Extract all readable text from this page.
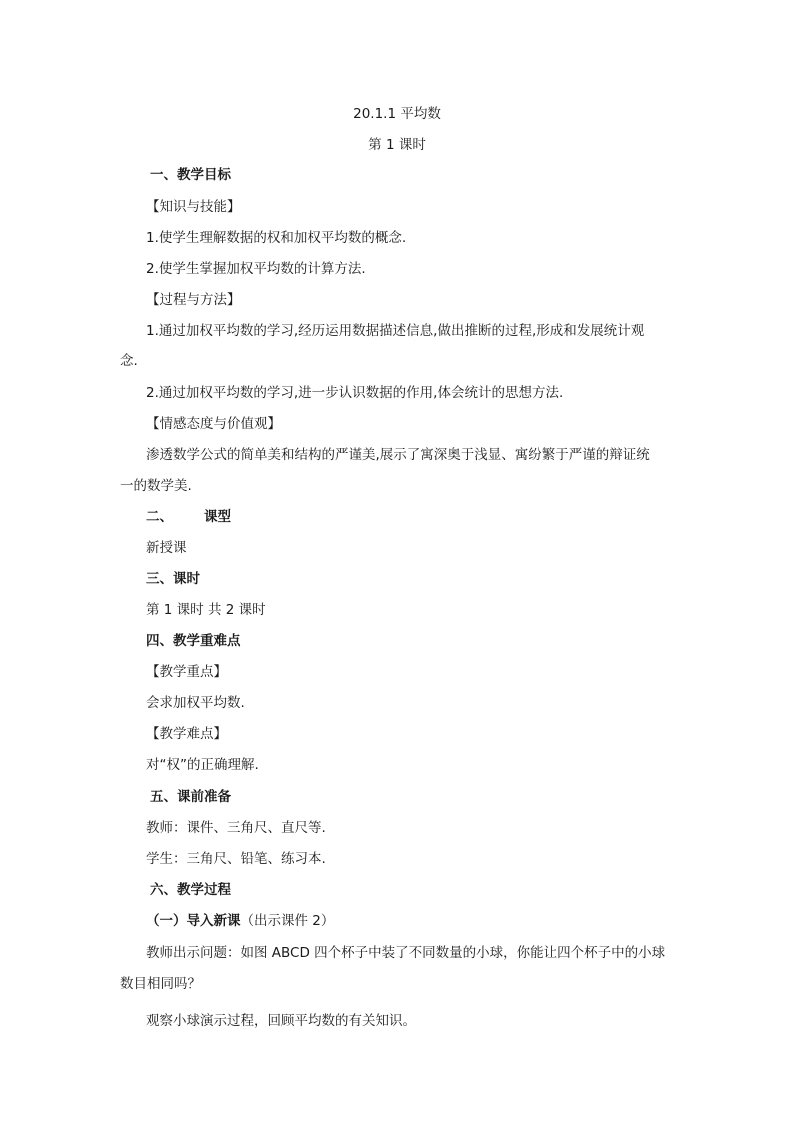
20.1.1 平均数
第 1 课时
一、教学目标
【知识与技能】
1.使学生理解数据的权和加权平均数的概念.
2.使学生掌握加权平均数的计算方法.
【过程与方法】
1.通过加权平均数的学习,经历运用数据描述信息,做出推断的过程,形成和发展统计观
念.
2.通过加权平均数的学习,进一步认识数据的作用,体会统计的思想方法.
【情感态度与价值观】
渗透数学公式的简单美和结构的严谨美,展示了寓深奥于浅显、寓纷繁于严谨的辩证统
一的数学美.
二、 课型
新授课
三、课时
第 1 课时 共 2 课时
四、教学重难点
【教学重点】
会求加权平均数.
【教学难点】
对“权”的正确理解.
五、课前准备
教师：课件、三角尺、直尺等.
学生：三角尺、铅笔、练习本.
六、教学过程
（一）导入新课（出示课件 2）
教师出示问题：如图 ABCD 四个杯子中装了不同数量的小球，你能让四个杯子中的小球
数目相同吗？
观察小球演示过程，回顾平均数的有关知识。
